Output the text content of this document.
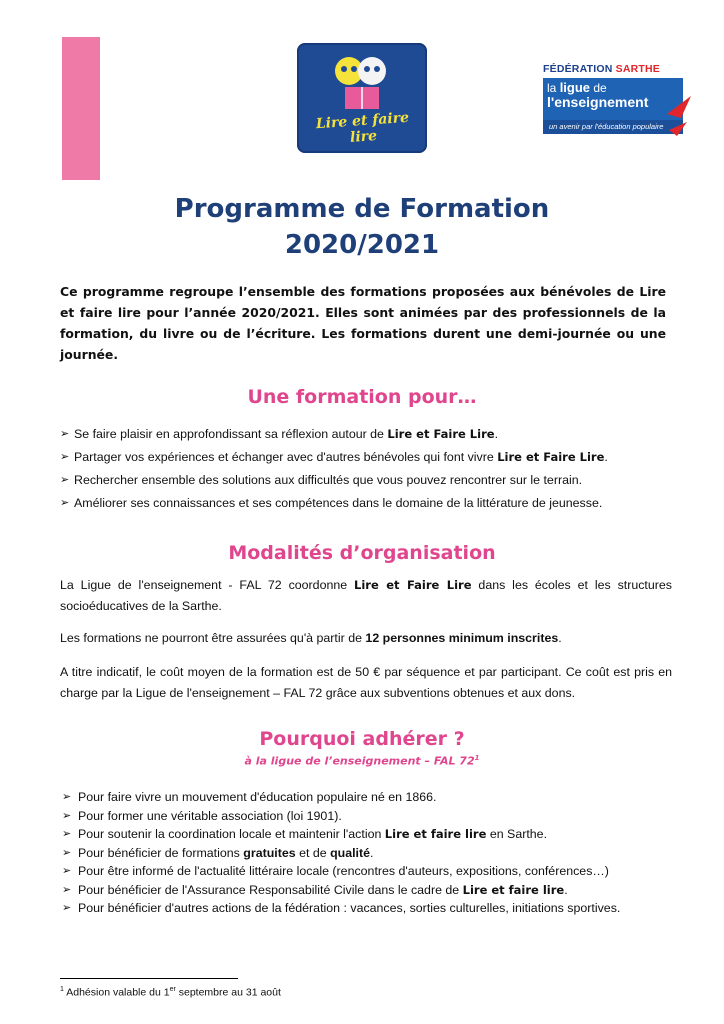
Lire et faire lire
FÉDÉRATION SARTHE
la ligue de
l'enseignement
un avenir par l'éducation populaire
Programme de Formation
2020/2021
Ce programme regroupe l’ensemble des formations proposées aux bénévoles de Lire et faire lire pour l’année 2020/2021. Elles sont animées par des professionnels de la formation, du livre ou de l’écriture. Les formations durent une demi-journée ou une journée.
Une formation pour…
➢ Se faire plaisir en approfondissant sa réflexion autour de Lire et Faire Lire.
➢ Partager vos expériences et échanger avec d'autres bénévoles qui font vivre Lire et Faire Lire.
➢ Rechercher ensemble des solutions aux difficultés que vous pouvez rencontrer sur le terrain.
➢ Améliorer ses connaissances et ses compétences dans le domaine de la littérature de jeunesse.
Modalités d’organisation
La Ligue de l'enseignement - FAL 72 coordonne Lire et Faire Lire dans les écoles et les structures socioéducatives de la Sarthe.
Les formations ne pourront être assurées qu'à partir de 12 personnes minimum inscrites.
A titre indicatif, le coût moyen de la formation est de 50 € par séquence et par participant. Ce coût est pris en charge par la Ligue de l'enseignement – FAL 72 grâce aux subventions obtenues et aux dons.
Pourquoi adhérer ?
à la ligue de l’enseignement – FAL $72^1$
➢ Pour faire vivre un mouvement d'éducation populaire né en 1866.
➢ Pour former une véritable association (loi 1901).
➢ Pour soutenir la coordination locale et maintenir l'action Lire et faire lire en Sarthe.
➢ Pour bénéficier de formations gratuites et de qualité.
➢ Pour être informé de l'actualité littéraire locale (rencontres d'auteurs, expositions, conférences…)
➢ Pour bénéficier de l'Assurance Responsabilité Civile dans le cadre de Lire et faire lire.
➢ Pour bénéficier d'autres actions de la fédération : vacances, sorties culturelles, initiations sportives.
$^1$ Adhésion valable du 1er septembre au 31 août
